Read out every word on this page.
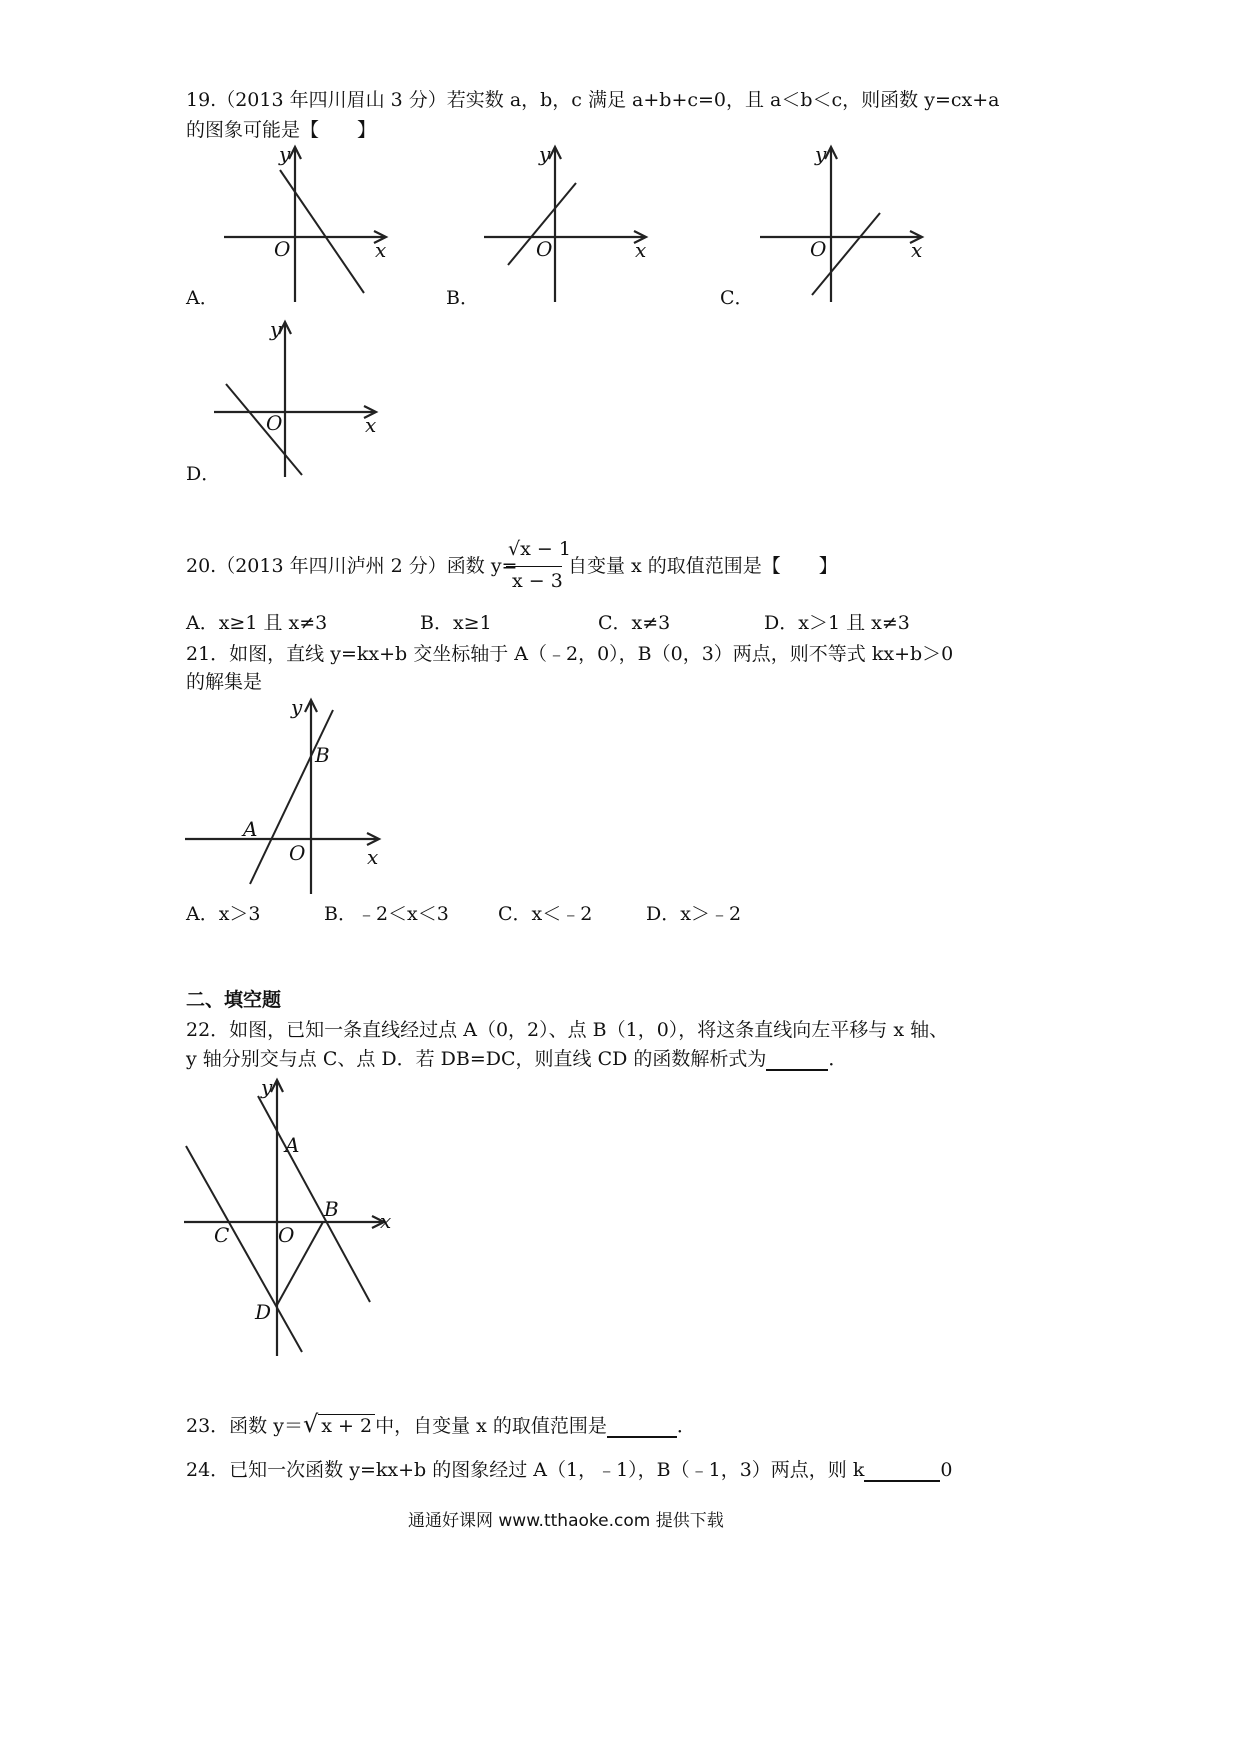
19.（2013 年四川眉山 3 分）若实数 a，b，c 满足 a+b+c=0，且 a＜b＜c，则函数 y=cx+a
的图象可能是【　　】
y
x
O
A．
y
x
O
B．
y
x
O
C．
y
x
O
D．
20.（2013 年四川泸州 2 分）函数 y=
√x − 1
x − 3
自变量 x 的取值范围是【　　】
A．x≥1 且 x≠3	B．x≥1	C．x≠3	D．x＞1 且 x≠3
21．如图，直线 y=kx+b 交坐标轴于 A（﹣2，0），B（0，3）两点，则不等式 kx+b＞0
的解集是
y
x
O
A
B
A．x＞3	B．﹣2＜x＜3	C．x＜﹣2	D．x＞﹣2
二、填空题
22．如图，已知一条直线经过点 A（0，2）、点 B（1，0），将这条直线向左平移与 x 轴、
y 轴分别交与点 C、点 D．若 DB=DC，则直线 CD 的函数解析式为	．
y
x
O
A
B
C
D
23．函数 y＝√ x + 2 中，自变量 x 的取值范围是	．
24．已知一次函数 y=kx+b 的图象经过 A（1，﹣1），B（﹣1，3）两点，则 k	0
通通好课网 www.tthaoke.com 提供下载
